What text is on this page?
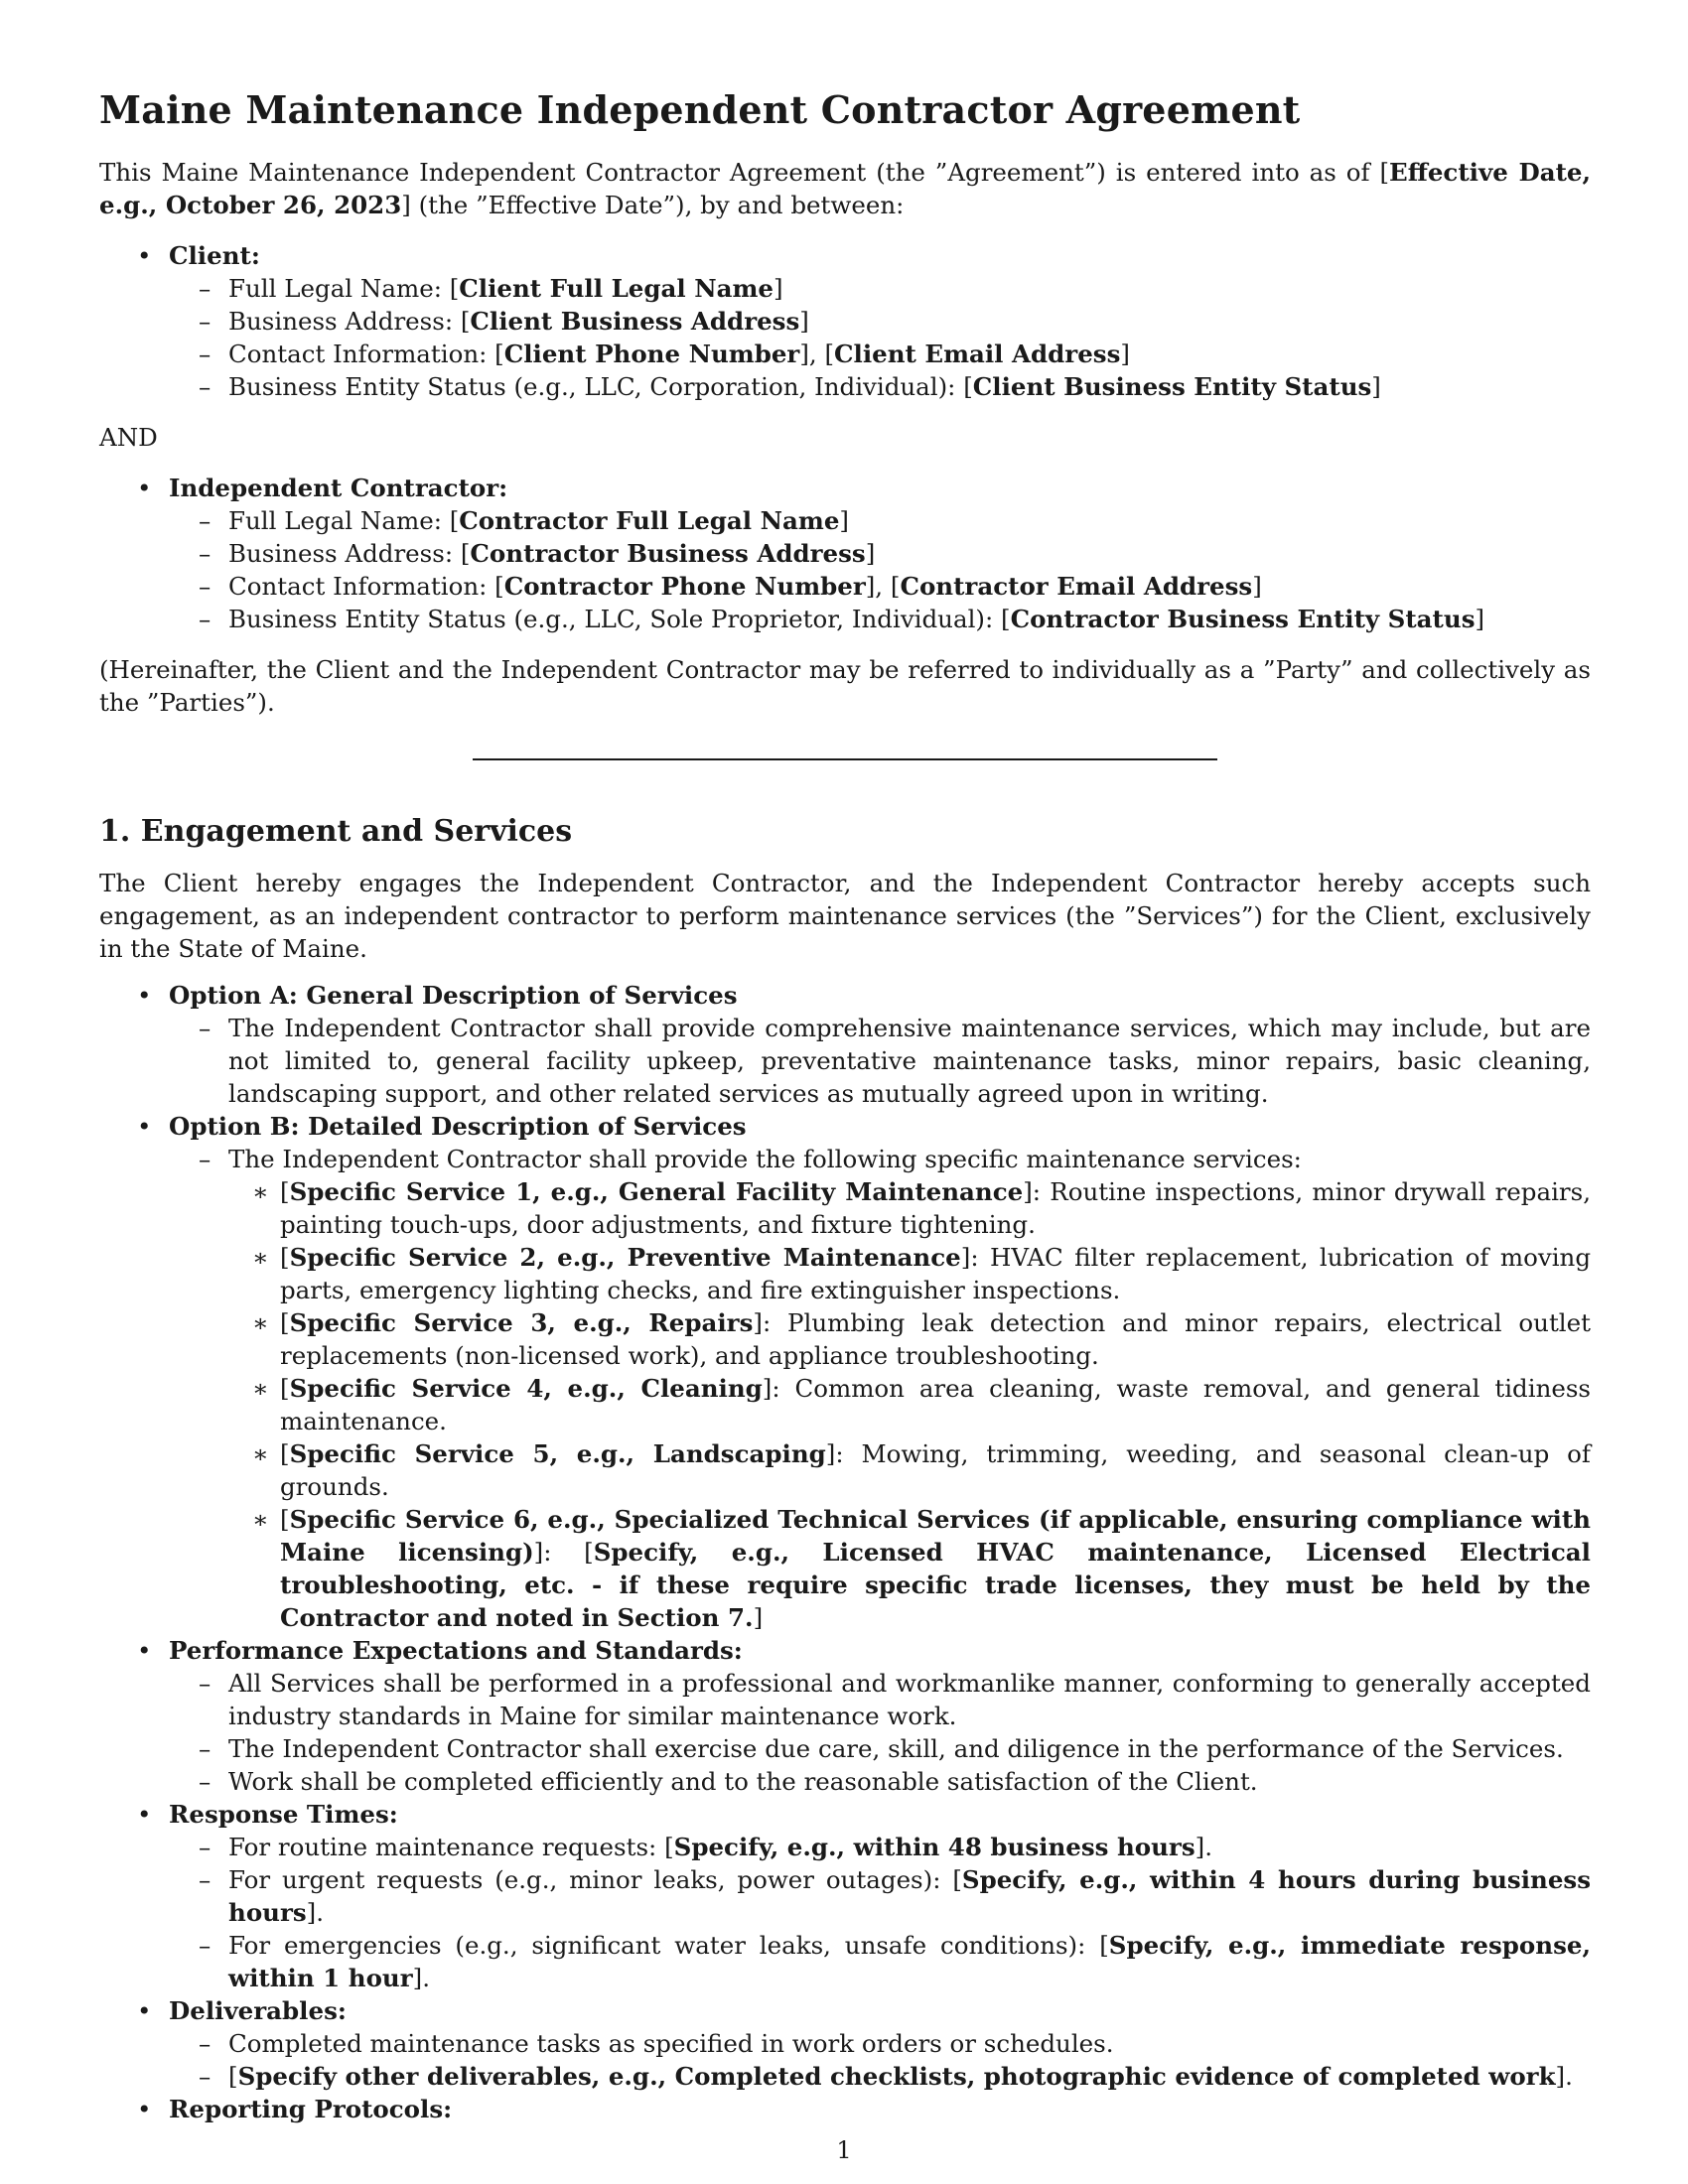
Maine Maintenance Independent Contractor Agreement

This Maine Maintenance Independent Contractor Agreement (the ”Agreement”) is entered into as of [Effective Date, e.g., October 26, 2023] (the ”Effective Date”), by and between:

• Client:
– Full Legal Name: [Client Full Legal Name]
– Business Address: [Client Business Address]
– Contact Information: [Client Phone Number], [Client Email Address]
– Business Entity Status (e.g., LLC, Corporation, Individual): [Client Business Entity Status]

AND

• Independent Contractor:
– Full Legal Name: [Contractor Full Legal Name]
– Business Address: [Contractor Business Address]
– Contact Information: [Contractor Phone Number], [Contractor Email Address]
– Business Entity Status (e.g., LLC, Sole Proprietor, Individual): [Contractor Business Entity Status]

(Hereinafter, the Client and the Independent Contractor may be referred to individually as a ”Party” and collectively as the ”Parties”).

1. Engagement and Services

The Client hereby engages the Independent Contractor, and the Independent Contractor hereby accepts such engagement, as an independent contractor to perform maintenance services (the ”Services”) for the Client, exclusively in the State of Maine.

• Option A: General Description of Services
– The Independent Contractor shall provide comprehensive maintenance services, which may include, but are not limited to, general facility upkeep, preventative maintenance tasks, minor repairs, basic cleaning, landscaping support, and other related services as mutually agreed upon in writing.
• Option B: Detailed Description of Services
– The Independent Contractor shall provide the following specific maintenance services:
∗ [Specific Service 1, e.g., General Facility Maintenance]: Routine inspections, minor drywall repairs, painting touch-ups, door adjustments, and fixture tightening.
∗ [Specific Service 2, e.g., Preventive Maintenance]: HVAC filter replacement, lubrication of moving parts, emergency lighting checks, and fire extinguisher inspections.
∗ [Specific Service 3, e.g., Repairs]: Plumbing leak detection and minor repairs, electrical outlet replacements (non-licensed work), and appliance troubleshooting.
∗ [Specific Service 4, e.g., Cleaning]: Common area cleaning, waste removal, and general tidiness maintenance.
∗ [Specific Service 5, e.g., Landscaping]: Mowing, trimming, weeding, and seasonal clean-up of grounds.
∗ [Specific Service 6, e.g., Specialized Technical Services (if applicable, ensuring compliance with Maine licensing)]: [Specify, e.g., Licensed HVAC maintenance, Licensed Electrical troubleshooting, etc. - if these require specific trade licenses, they must be held by the Contractor and noted in Section 7.]
• Performance Expectations and Standards:
– All Services shall be performed in a professional and workmanlike manner, conforming to generally accepted industry standards in Maine for similar maintenance work.
– The Independent Contractor shall exercise due care, skill, and diligence in the performance of the Services.
– Work shall be completed efficiently and to the reasonable satisfaction of the Client.
• Response Times:
– For routine maintenance requests: [Specify, e.g., within 48 business hours].
– For urgent requests (e.g., minor leaks, power outages): [Specify, e.g., within 4 hours during business hours].
– For emergencies (e.g., significant water leaks, unsafe conditions): [Specify, e.g., immediate response, within 1 hour].
• Deliverables:
– Completed maintenance tasks as specified in work orders or schedules.
– [Specify other deliverables, e.g., Completed checklists, photographic evidence of completed work].
• Reporting Protocols:
1
